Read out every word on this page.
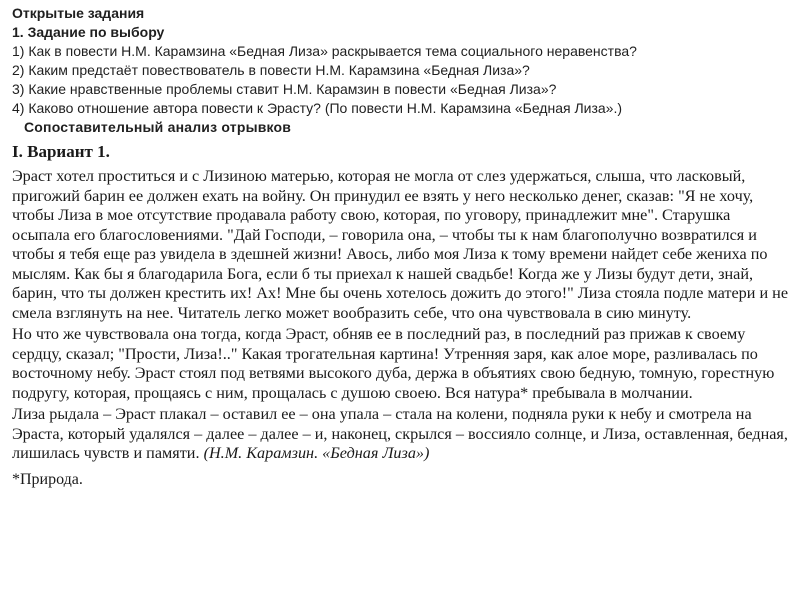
Открытые задания
1. Задание по выбору

1) Как в повести Н.М. Карамзина «Бедная Лиза» раскрывается тема социального неравенства?

2) Каким предстаёт повествователь в повести Н.М. Карамзина «Бедная Лиза»?

3) Какие нравственные проблемы ставит Н.М. Карамзин в повести «Бедная Лиза»?

4) Каково отношение автора повести к Эрасту? (По повести Н.М. Карамзина «Бедная Лиза».)

Сопоставительный анализ отрывков
I. Вариант 1.

Эраст хотел проститься и с Лизиною матерью, которая не могла от слез удержаться, слыша, что ласковый, пригожий барин ее должен ехать на войну. Он принудил ее взять у него несколько денег, сказав: "Я не хочу, чтобы Лиза в мое отсутствие продавала работу свою, которая, по уговору, принадлежит мне". Старушка осыпала его благословениями. "Дай Господи, – говорила она, – чтобы ты к нам благополучно возвратился и чтобы я тебя еще раз увидела в здешней жизни! Авось, либо моя Лиза к тому времени найдет себе жениха по мыслям. Как бы я благодарила Бога, если б ты приехал к нашей свадьбе! Когда же у Лизы будут дети, знай, барин, что ты должен крестить их! Ах! Мне бы очень хотелось дожить до этого!" Лиза стояла подле матери и не смела взглянуть на нее. Читатель легко может вообразить себе, что она чувствовала в сию минуту.

Но что же чувствовала она тогда, когда Эраст, обняв ее в последний раз, в последний раз прижав к своему сердцу, сказал; "Прости, Лиза!.." Какая трогательная картина! Утренняя заря, как алое море, разливалась по восточному небу. Эраст стоял под ветвями высокого дуба, держа в объятиях свою бедную, томную, горестную подругу, которая, прощаясь с ним, прощалась с душою своею. Вся натура* пребывала в молчании.

Лиза рыдала – Эраст плакал – оставил ее – она упала – стала на колени, подняла руки к небу и смотрела на Эраста, который удалялся – далее – далее – и, наконец, скрылся – воссияло солнце, и Лиза, оставленная, бедная, лишилась чувств и памяти. (Н.М. Карамзин. «Бедная Лиза»)

*Природа.
